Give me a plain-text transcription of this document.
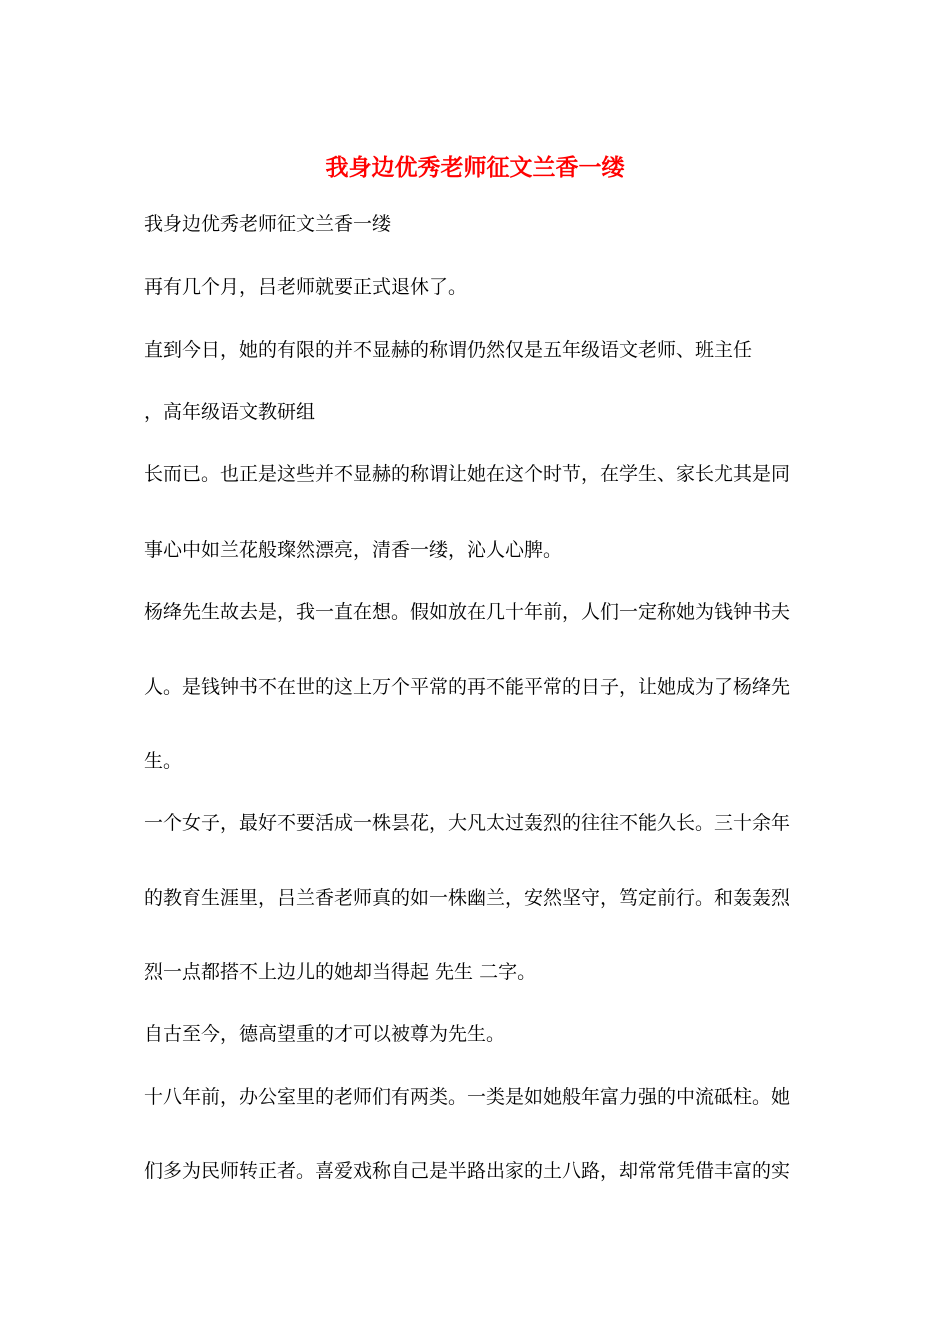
我身边优秀老师征文兰香一缕
我身边优秀老师征文兰香一缕
再有几个月，吕老师就要正式退休了。
直到今日，她的有限的并不显赫的称谓仍然仅是五年级语文老师、班主任
，高年级语文教研组
长而已。也正是这些并不显赫的称谓让她在这个时节，在学生、家长尤其是同
事心中如兰花般璨然漂亮，清香一缕，沁人心脾。
杨绛先生故去是，我一直在想。假如放在几十年前，人们一定称她为钱钟书夫
人。是钱钟书不在世的这上万个平常的再不能平常的日子，让她成为了杨绛先
生。
一个女子，最好不要活成一株昙花，大凡太过轰烈的往往不能久长。三十余年
的教育生涯里，吕兰香老师真的如一株幽兰，安然坚守，笃定前行。和轰轰烈
烈一点都搭不上边儿的她却当得起 先生 二字。
自古至今，德高望重的才可以被尊为先生。
十八年前，办公室里的老师们有两类。一类是如她般年富力强的中流砥柱。她
们多为民师转正者。喜爱戏称自己是半路出家的土八路，却常常凭借丰富的实
